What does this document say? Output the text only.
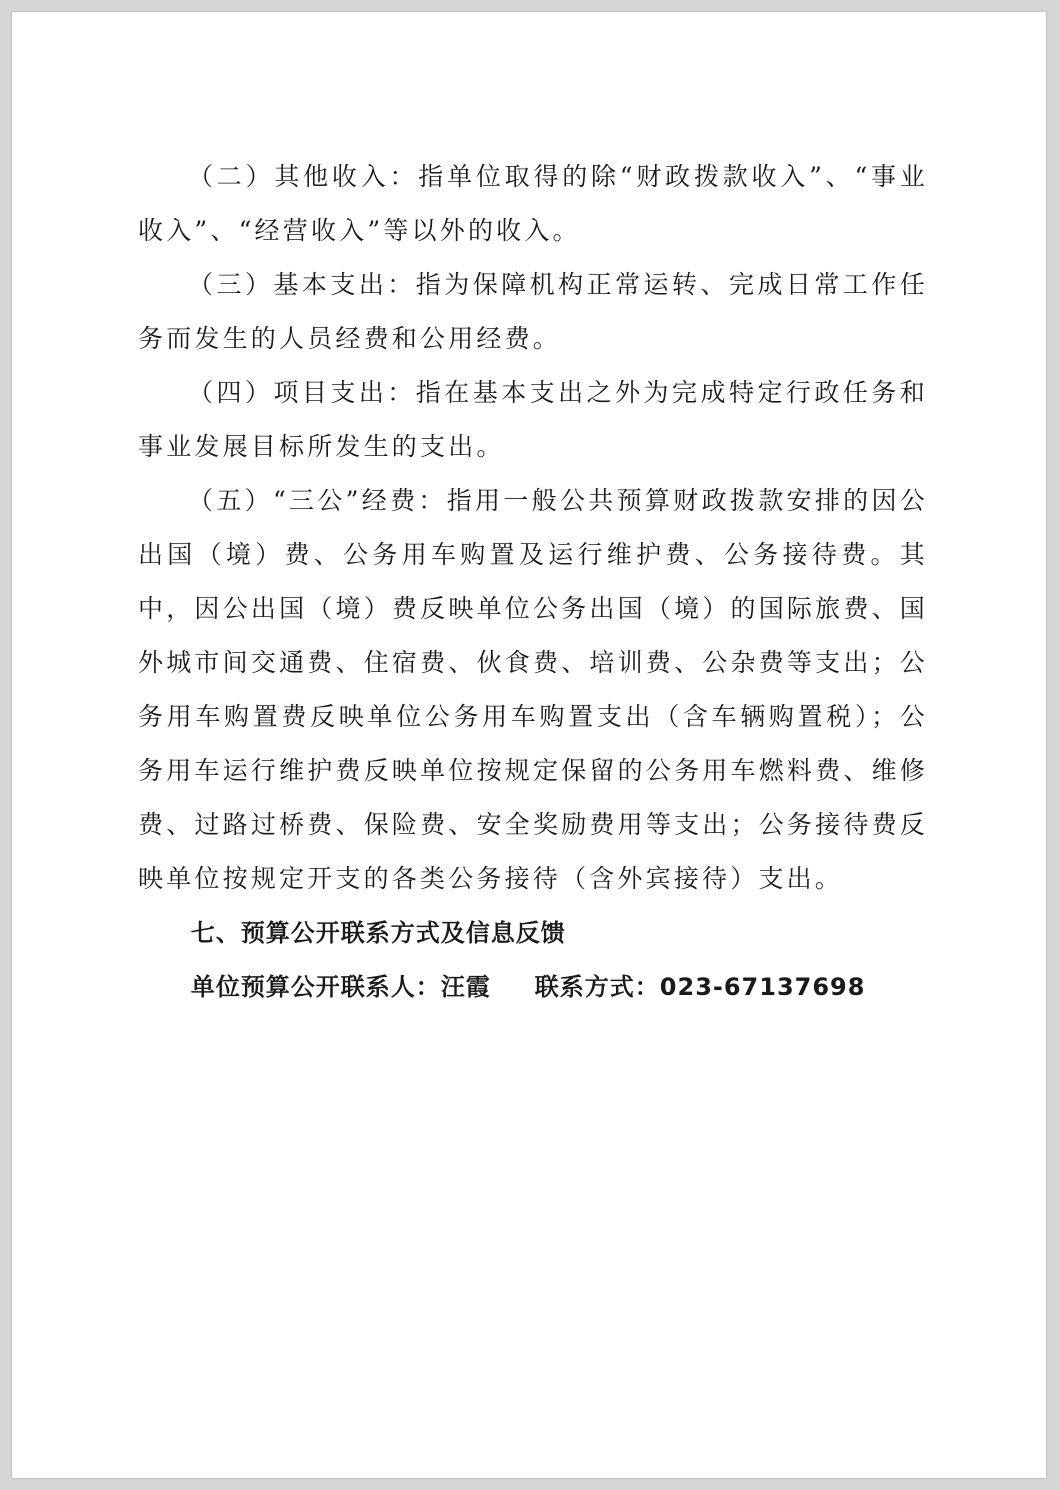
（二）其他收入：指单位取得的除“财政拨款收入”、“事业收入”、“经营收入”等以外的收入。

（三）基本支出：指为保障机构正常运转、完成日常工作任务而发生的人员经费和公用经费。

（四）项目支出：指在基本支出之外为完成特定行政任务和事业发展目标所发生的支出。

（五）“三公”经费：指用一般公共预算财政拨款安排的因公出国（境）费、公务用车购置及运行维护费、公务接待费。其中，因公出国（境）费反映单位公务出国（境）的国际旅费、国外城市间交通费、住宿费、伙食费、培训费、公杂费等支出；公务用车购置费反映单位公务用车购置支出（含车辆购置税）；公务用车运行维护费反映单位按规定保留的公务用车燃料费、维修费、过路过桥费、保险费、安全奖励费用等支出；公务接待费反映单位按规定开支的各类公务接待（含外宾接待）支出。

七、预算公开联系方式及信息反馈

单位预算公开联系人：汪霞 联系方式：023-67137698
